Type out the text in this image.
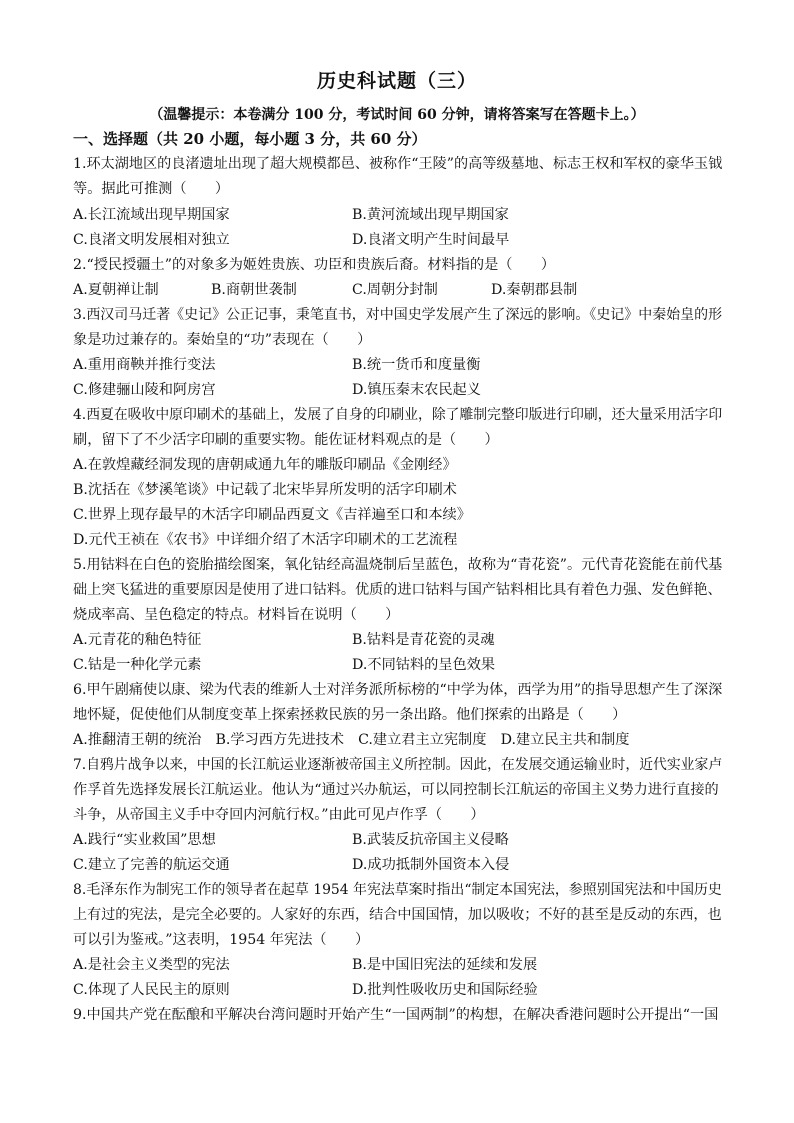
历史科试题（三）
（温馨提示：本卷满分 100 分，考试时间 60 分钟，请将答案写在答题卡上。）
一、选择题（共 20 小题，每小题 3 分，共 60 分）
1.环太湖地区的良渚遗址出现了超大规模都邑、被称作“王陵”的高等级墓地、标志王权和军权的豪华玉钺
等。据此可推测（　　）
A.长江流域出现早期国家	B.黄河流域出现早期国家
C.良渚文明发展相对独立	D.良渚文明产生时间最早
2.“授民授疆土”的对象多为姬姓贵族、功臣和贵族后裔。材料指的是（　　）
A.夏朝禅让制	B.商朝世袭制	C.周朝分封制	D.秦朝郡县制
3.西汉司马迁著《史记》公正记事，秉笔直书，对中国史学发展产生了深远的影响。《史记》中秦始皇的形
象是功过兼存的。秦始皇的“功”表现在（　　）
A.重用商鞅并推行变法	B.统一货币和度量衡
C.修建骊山陵和阿房宫	D.镇压秦末农民起义
4.西夏在吸收中原印刷术的基础上，发展了自身的印刷业，除了雕制完整印版进行印刷，还大量采用活字印
刷，留下了不少活字印刷的重要实物。能佐证材料观点的是（　　）
A.在敦煌藏经洞发现的唐朝咸通九年的雕版印刷品《金刚经》
B.沈括在《梦溪笔谈》中记载了北宋毕昇所发明的活字印刷术
C.世界上现存最早的木活字印刷品西夏文《吉祥遍至口和本续》
D.元代王祯在《农书》中详细介绍了木活字印刷术的工艺流程
5.用钴料在白色的瓷胎描绘图案，氧化钴经高温烧制后呈蓝色，故称为“青花瓷”。元代青花瓷能在前代基
础上突飞猛进的重要原因是使用了进口钴料。优质的进口钴料与国产钴料相比具有着色力强、发色鲜艳、
烧成率高、呈色稳定的特点。材料旨在说明（　　）
A.元青花的釉色特征	B.钴料是青花瓷的灵魂
C.钴是一种化学元素	D.不同钴料的呈色效果
6.甲午剧痛使以康、梁为代表的维新人士对洋务派所标榜的“中学为体，西学为用”的指导思想产生了深深
地怀疑，促使他们从制度变革上探索拯救民族的另一条出路。他们探索的出路是（　　）
A.推翻清王朝的统治　B.学习西方先进技术　C.建立君主立宪制度　D.建立民主共和制度
7.自鸦片战争以来，中国的长江航运业逐渐被帝国主义所控制。因此，在发展交通运输业时，近代实业家卢
作孚首先选择发展长江航运业。他认为“通过兴办航运，可以同控制长江航运的帝国主义势力进行直接的
斗争，从帝国主义手中夺回内河航行权。”由此可见卢作孚（　　）
A.践行“实业救国”思想	B.武装反抗帝国主义侵略
C.建立了完善的航运交通	D.成功抵制外国资本入侵
8.毛泽东作为制宪工作的领导者在起草 1954 年宪法草案时指出“制定本国宪法，参照别国宪法和中国历史
上有过的宪法，是完全必要的。人家好的东西，结合中国国情，加以吸收；不好的甚至是反动的东西，也
可以引为鉴戒。”这表明，1954 年宪法（　　）
A.是社会主义类型的宪法	B.是中国旧宪法的延续和发展
C.体现了人民民主的原则	D.批判性吸收历史和国际经验
9.中国共产党在酝酿和平解决台湾问题时开始产生“一国两制”的构想，在解决香港问题时公开提出“一国
